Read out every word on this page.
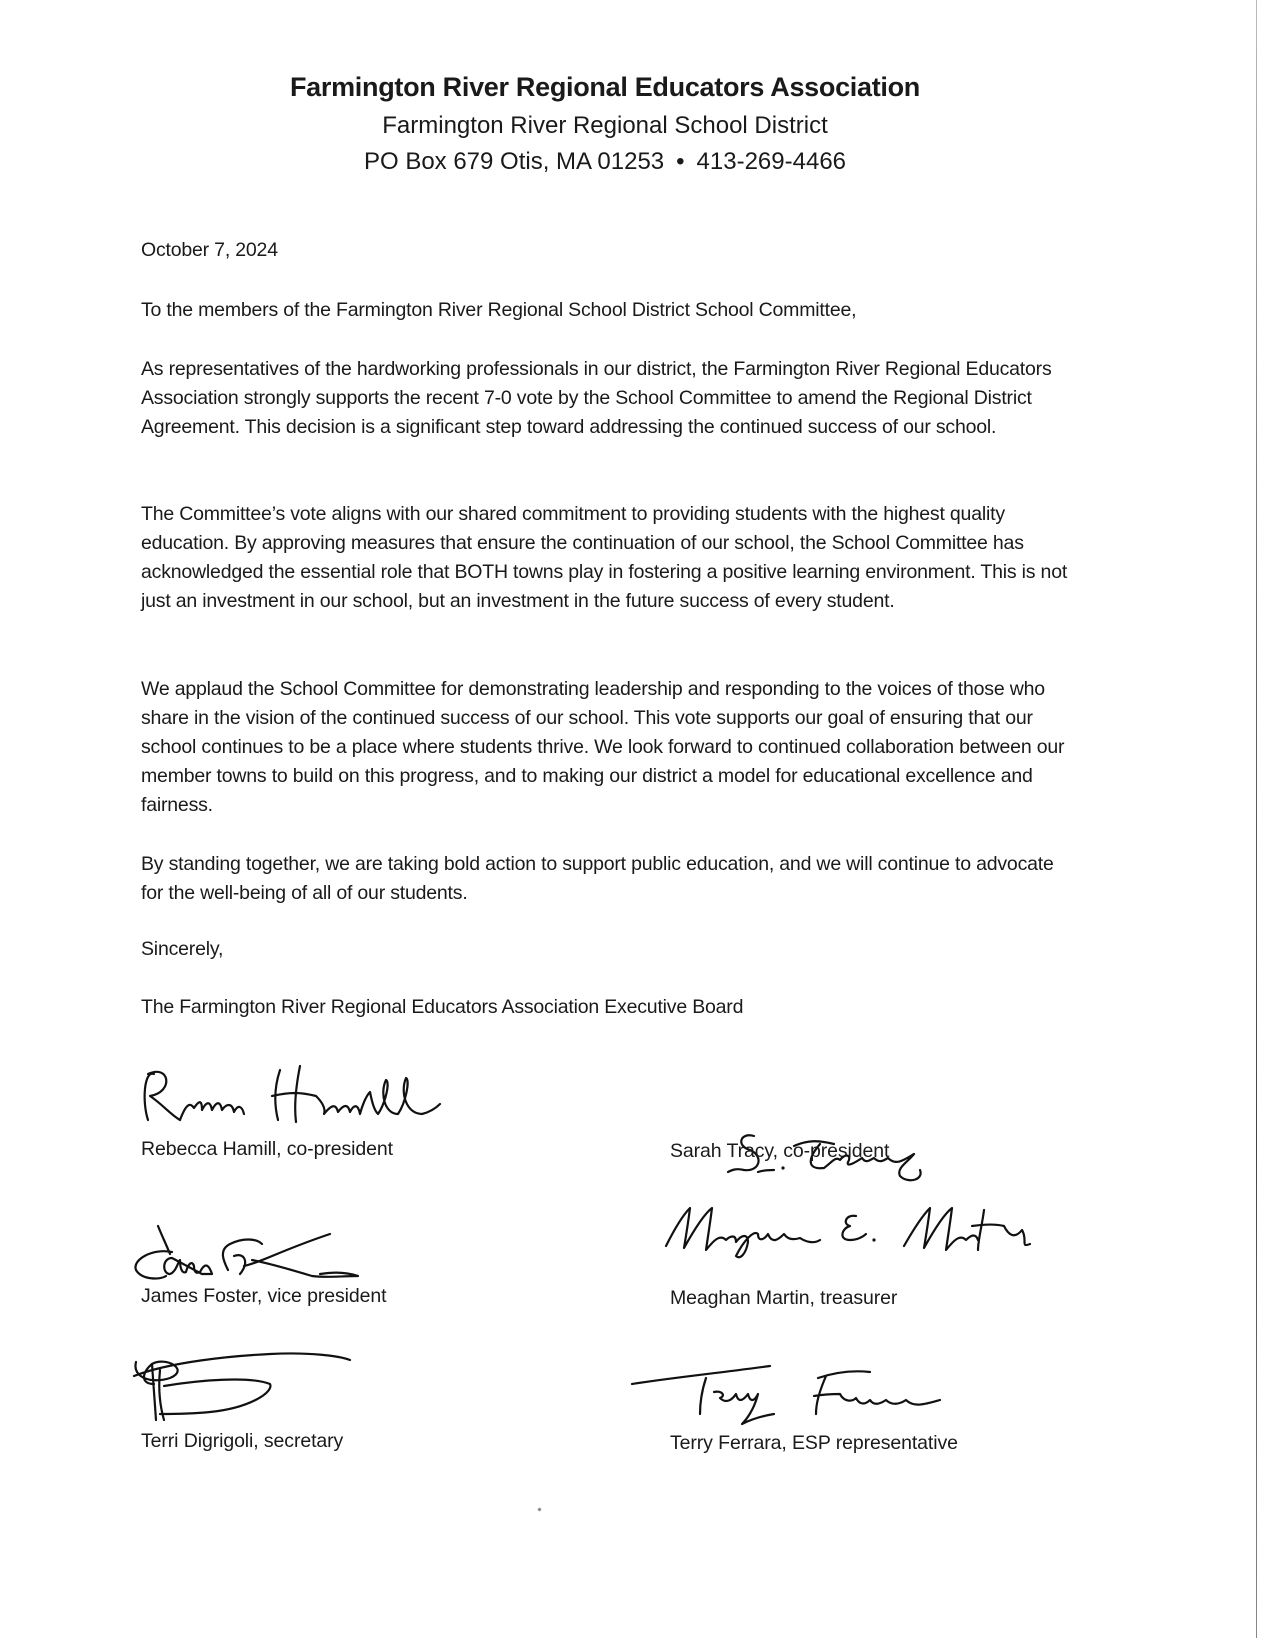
Farmington River Regional Educators Association
Farmington River Regional School District
PO Box 679 Otis, MA 01253 • 413-269-4466
October 7, 2024
To the members of the Farmington River Regional School District School Committee,
As representatives of the hardworking professionals in our district, the Farmington River Regional Educators Association strongly supports the recent 7-0 vote by the School Committee to amend the Regional District Agreement. This decision is a significant step toward addressing the continued success of our school.
The Committee’s vote aligns with our shared commitment to providing students with the highest quality education. By approving measures that ensure the continuation of our school, the School Committee has acknowledged the essential role that BOTH towns play in fostering a positive learning environment. This is not just an investment in our school, but an investment in the future success of every student.
We applaud the School Committee for demonstrating leadership and responding to the voices of those who share in the vision of the continued success of our school. This vote supports our goal of ensuring that our school continues to be a place where students thrive. We look forward to continued collaboration between our member towns to build on this progress, and to making our district a model for educational excellence and fairness.
By standing together, we are taking bold action to support public education, and we will continue to advocate for the well-being of all of our students.
Sincerely,
The Farmington River Regional Educators Association Executive Board
Rebecca Hamill, co-president	Sarah Tracy, co-president
James Foster, vice president	Meaghan Martin, treasurer
Terri Digrigoli, secretary	Terry Ferrara, ESP representative
